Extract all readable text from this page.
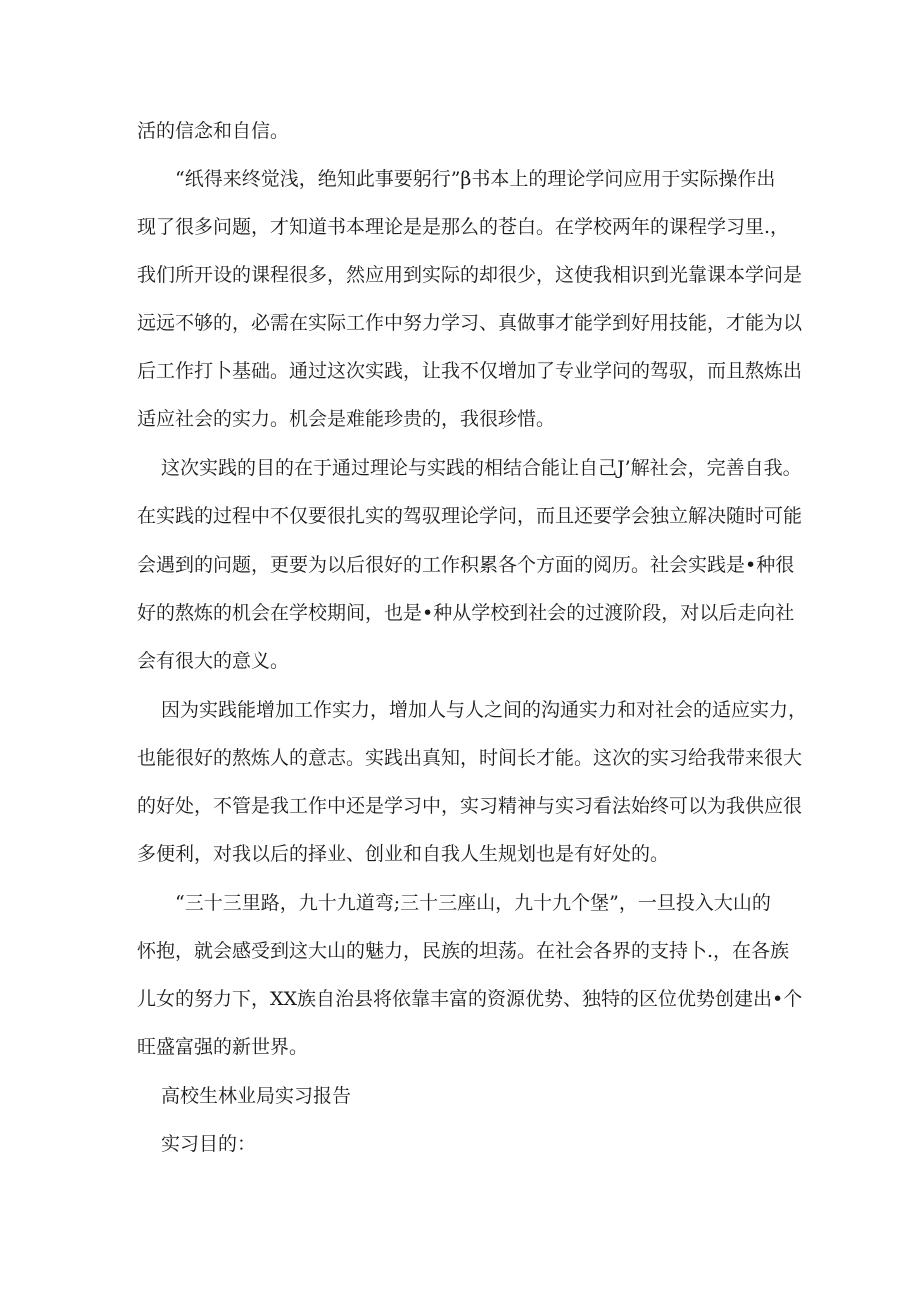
活的信念和自信。
“纸得来终觉浅，绝知此事要躬行”β书本上的理论学问应用于实际操作出
现了很多问题，才知道书本理论是是那么的苍白。在学校两年的课程学习里.，
我们所开设的课程很多，然应用到实际的却很少，这使我相识到光靠课本学问是
远远不够的，必需在实际工作中努力学习、真做事才能学到好用技能，才能为以
后工作打卜基础。通过这次实践，让我不仅增加了专业学问的驾驭，而且熬炼出
适应社会的实力。机会是难能珍贵的，我很珍惜。
这次实践的目的在于通过理论与实践的相结合能让自己J’解社会，完善自我。
在实践的过程中不仅要很扎实的驾驭理论学问，而且还要学会独立解决随时可能
会遇到的问题，更要为以后很好的工作积累各个方面的阅历。社会实践是•种很
好的熬炼的机会在学校期间，也是•种从学校到社会的过渡阶段，对以后走向社
会有很大的意义。
因为实践能增加工作实力，增加人与人之间的沟通实力和对社会的适应实力，
也能很好的熬炼人的意志。实践出真知，时间长才能。这次的实习给我带来很大
的好处，不管是我工作中还是学习中，实习精神与实习看法始终可以为我供应很
多便利，对我以后的择业、创业和自我人生规划也是有好处的。
“三十三里路，九十九道弯;三十三座山，九十九个堡”，一旦投入大山的
怀抱，就会感受到这大山的魅力，民族的坦荡。在社会各界的支持卜.，在各族
儿女的努力下，XX族自治县将依靠丰富的资源优势、独特的区位优势创建出•个
旺盛富强的新世界。
高校生林业局实习报告
实习目的：
